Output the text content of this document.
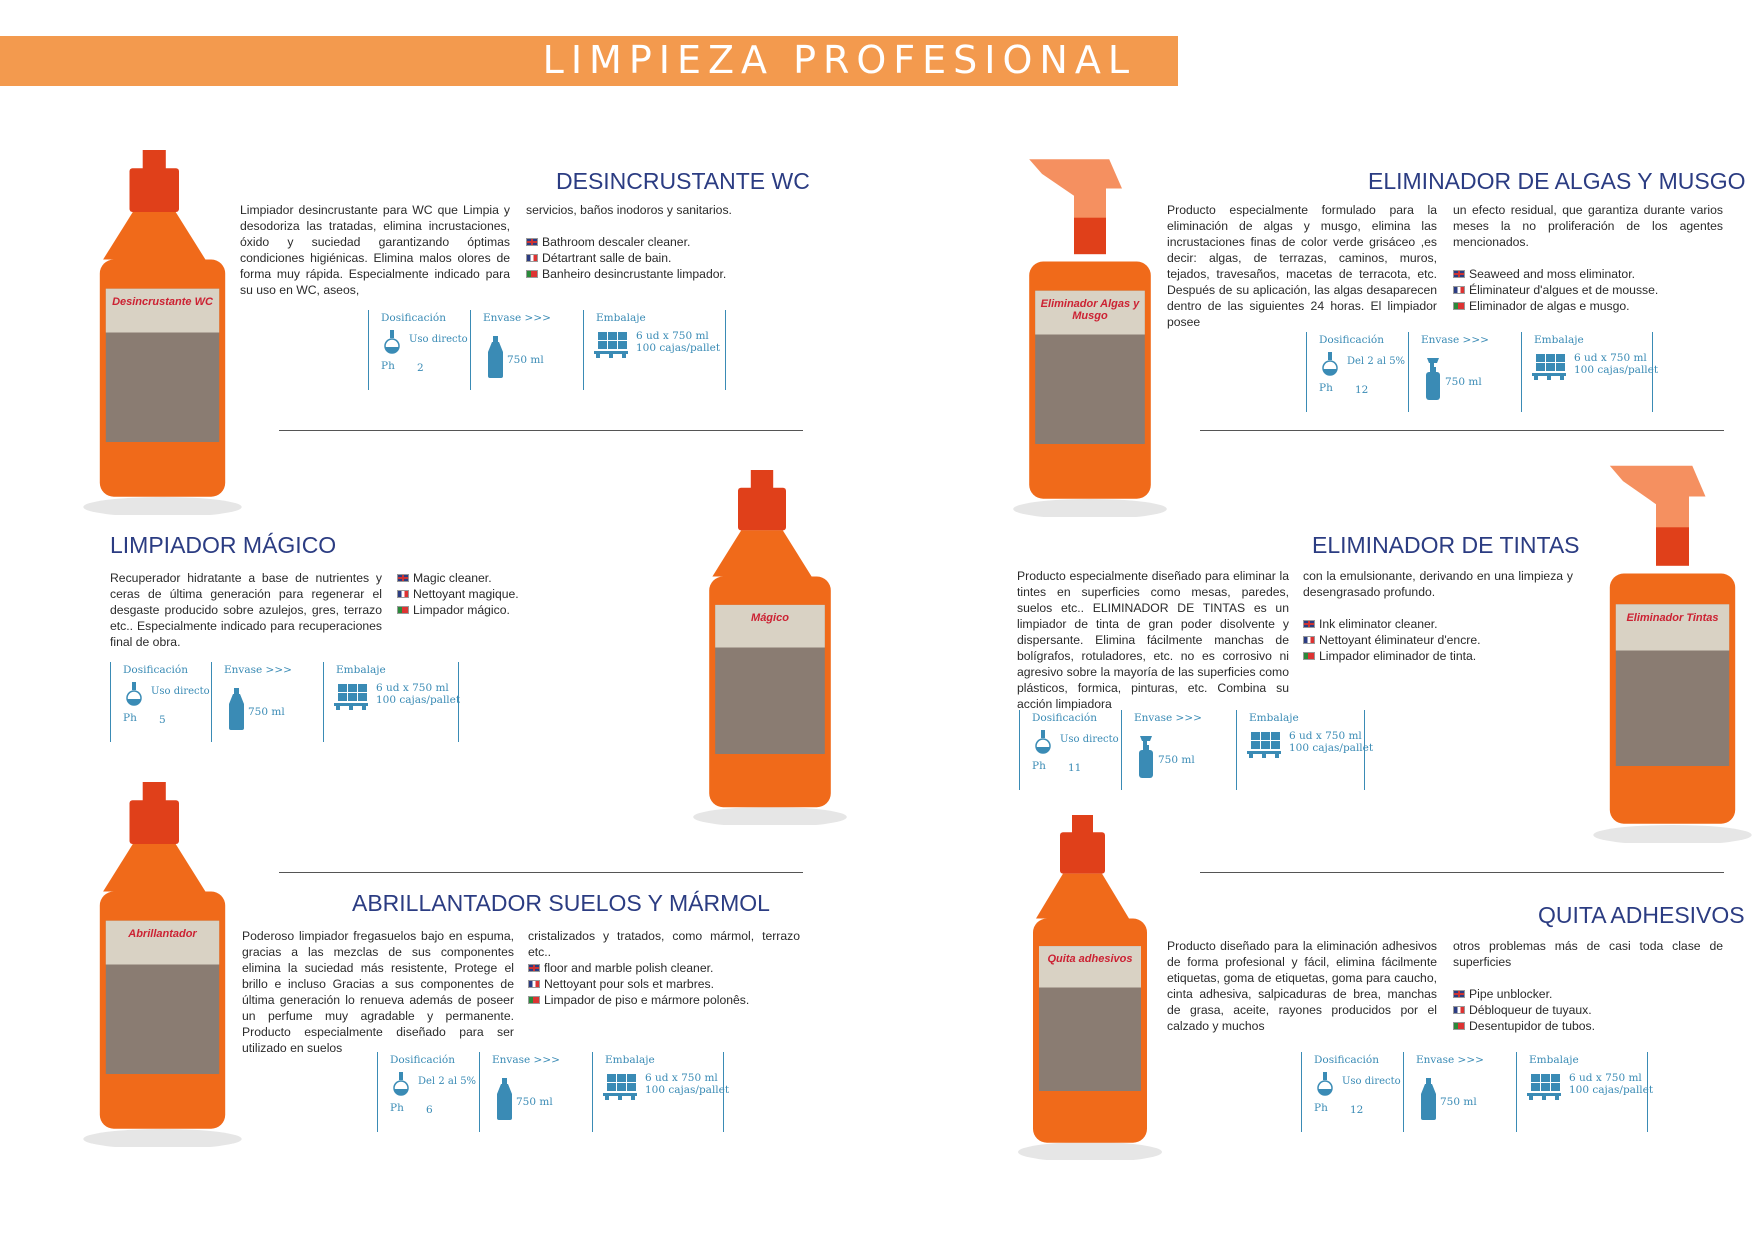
LIMPIEZA PROFESIONAL
DESINCRUSTANTE WC
Limpiador desincrustante para WC que Limpia y desodoriza las tratadas, elimina incrustaciones, óxido y suciedad garantizando óptimas condiciones higiénicas. Elimina malos olores de forma muy rápida. Especialmente indicado para su uso en WC, aseos,
servicios, baños inodoros y sanitarios.
Bathroom descaler cleaner.
Détartrant salle de bain.
Banheiro desincrustante limpador.
Dosificación
Uso directo
Ph 2
Envase >>>
750 ml
Embalaje
6 ud x 750 ml
100 cajas/pallet
Desincrustante WC
ELIMINADOR DE ALGAS Y MUSGO
Producto especialmente formulado para la eliminación de algas y musgo, elimina las incrustaciones finas de color verde grisáceo ,es decir: algas, de terrazas, caminos, muros, tejados, travesaños, macetas de terracota, etc. Después de su aplicación, las algas desaparecen dentro de las siguientes 24 horas. El limpiador posee
un efecto residual, que garantiza durante varios meses la no proliferación de los agentes mencionados.
Seaweed and moss eliminator.
Éliminateur d'algues et de mousse.
Eliminador de algas e musgo.
Dosificación
Del 2 al 5%
Ph 12
Envase >>>
750 ml
Embalaje
6 ud x 750 ml
100 cajas/pallet
Eliminador Algas y Musgo
LIMPIADOR MÁGICO
Recuperador hidratante a base de nutrientes y ceras de última generación para regenerar el desgaste producido sobre azulejos, gres, terrazo etc.. Especialmente indicado para recuperaciones final de obra.
Magic cleaner.
Nettoyant magique.
Limpador mágico.
Dosificación
Uso directo
Ph 5
Envase >>>
750 ml
Embalaje
6 ud x 750 ml
100 cajas/pallet
Mágico
ELIMINADOR DE TINTAS
Producto especialmente diseñado para eliminar la tintes en superficies como mesas, paredes, suelos etc.. ELIMINADOR DE TINTAS es un limpiador de tinta de gran poder disolvente y dispersante. Elimina fácilmente manchas de bolígrafos, rotuladores, etc. no es corrosivo ni agresivo sobre la mayoría de las superficies como plásticos, formica, pinturas, etc. Combina su acción limpiadora
con la emulsionante, derivando en una limpieza y desengrasado profundo.
Ink eliminator cleaner.
Nettoyant éliminateur d'encre.
Limpador eliminador de tinta.
Dosificación
Uso directo
Ph 11
Envase >>>
750 ml
Embalaje
6 ud x 750 ml
100 cajas/pallet
Eliminador Tintas
ABRILLANTADOR SUELOS Y MÁRMOL
Poderoso limpiador fregasuelos bajo en espuma, gracias a las mezclas de sus componentes elimina la suciedad más resistente, Protege el brillo e incluso Gracias a sus componentes de última generación lo renueva además de poseer un perfume muy agradable y permanente. Producto especialmente diseñado para ser utilizado en suelos
cristalizados y tratados, como mármol, terrazo etc..
floor and marble polish cleaner.
Nettoyant pour sols et marbres.
Limpador de piso e mármore polonês.
Dosificación
Del 2 al 5%
Ph 6
Envase >>>
750 ml
Embalaje
6 ud x 750 ml
100 cajas/pallet
Abrillantador
QUITA ADHESIVOS
Producto diseñado para la eliminación adhesivos de forma profesional y fácil, elimina fácilmente etiquetas, goma de etiquetas, goma para caucho, cinta adhesiva, salpicaduras de brea, manchas de grasa, aceite, rayones producidos por el calzado y muchos
otros problemas más de casi toda clase de superficies
Pipe unblocker.
Débloqueur de tuyaux.
Desentupidor de tubos.
Dosificación
Uso directo
Ph 12
Envase >>>
750 ml
Embalaje
6 ud x 750 ml
100 cajas/pallet
Quita adhesivos
